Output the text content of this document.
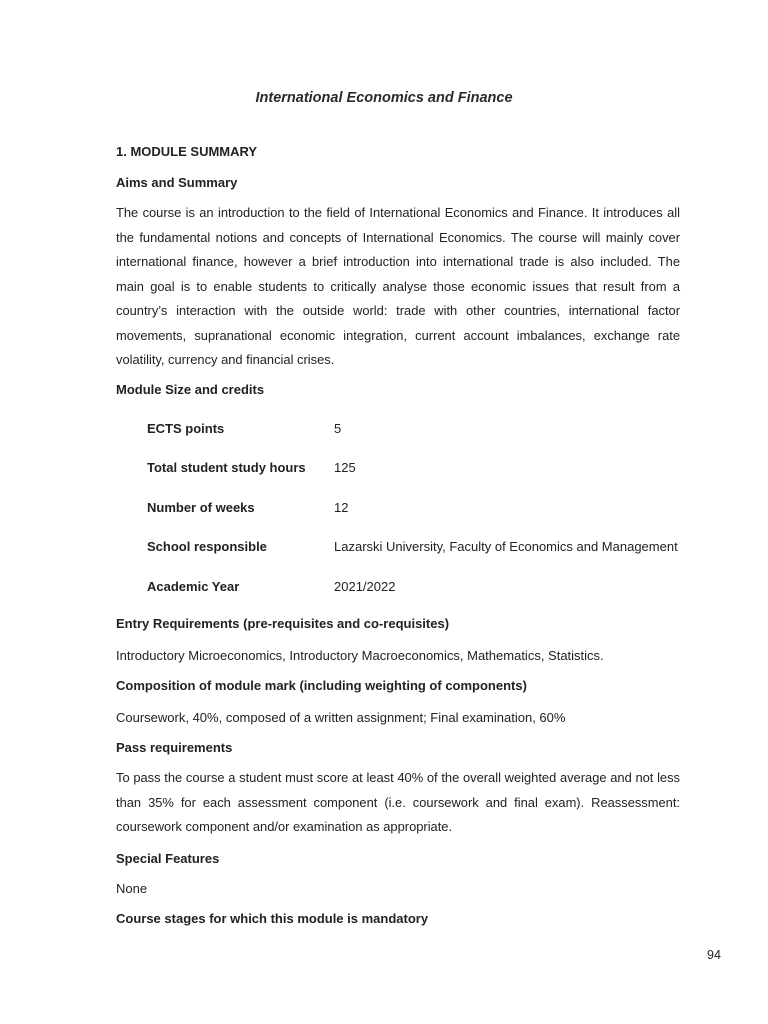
International Economics and Finance
1. MODULE SUMMARY
Aims and Summary
The course is an introduction to the field of International Economics and Finance. It introduces all
the fundamental notions and concepts of International Economics. The course will mainly cover
international finance, however a brief introduction into international trade is also included. The
main goal is to enable students to critically analyse those economic issues that result from a
country’s interaction with the outside world: trade with other countries, international factor
movements, supranational economic integration, current account imbalances, exchange rate
volatility, currency and financial crises.
Module Size and credits
ECTS points	5
Total student study hours 125
Number of weeks	12
School responsible	Lazarski University, Faculty of Economics and Management
Academic Year	2021/2022
Entry Requirements (pre-requisites and co-requisites)
Introductory Microeconomics, Introductory Macroeconomics, Mathematics, Statistics.
Composition of module mark (including weighting of components)
Coursework, 40%, composed of a written assignment; Final examination, 60%
Pass requirements
To pass the course a student must score at least 40% of the overall weighted average and not less
than 35% for each assessment component (i.e. coursework and final exam). Reassessment:
coursework component and/or examination as appropriate.
Special Features
None
Course stages for which this module is mandatory
94
